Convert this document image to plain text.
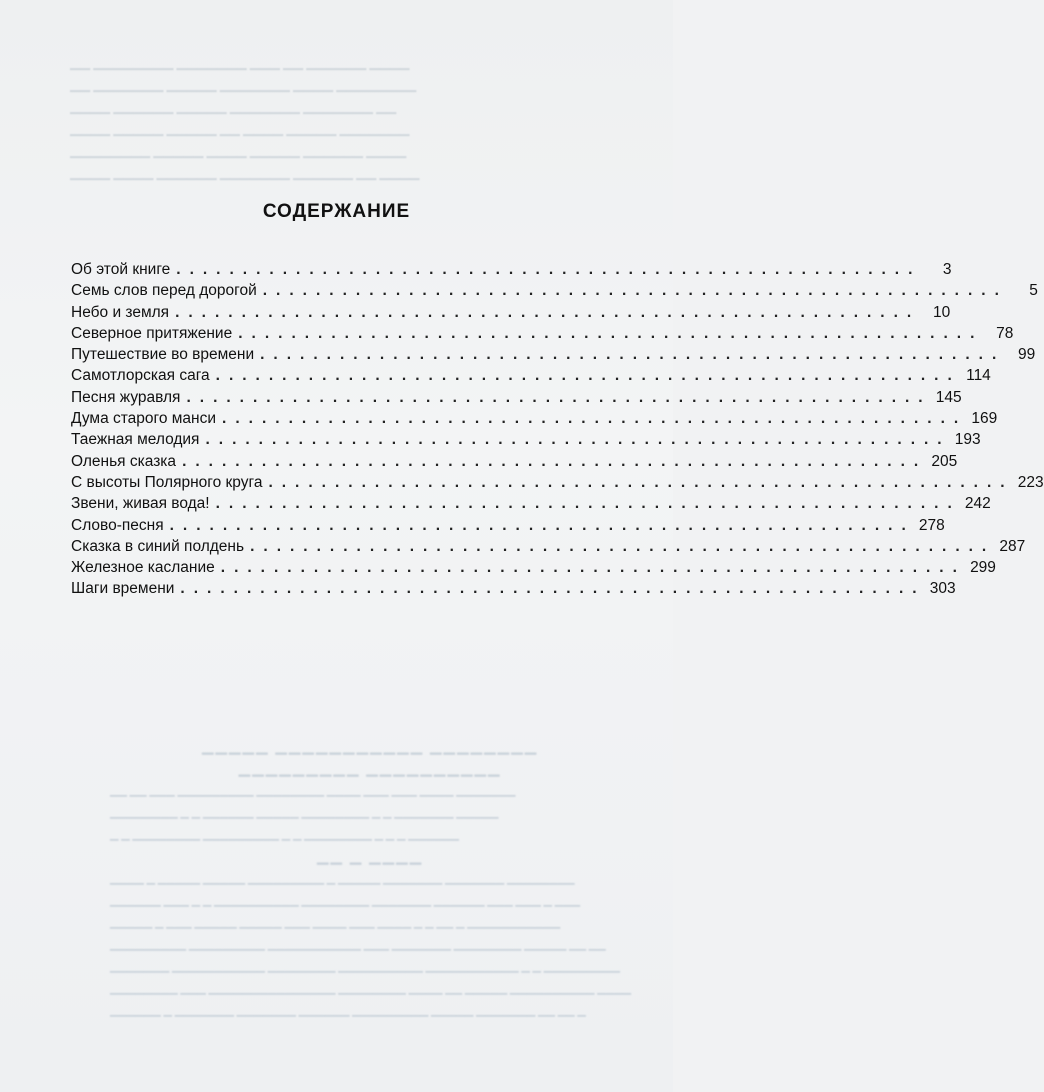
▁▁ ▁▁▁▁▁▁▁▁ ▁▁▁▁▁▁▁ ▁▁▁ ▁▁ ▁▁▁▁▁▁ ▁▁▁▁
▁▁ ▁▁▁▁▁▁▁ ▁▁▁▁▁ ▁▁▁▁▁▁▁ ▁▁▁▁ ▁▁▁▁▁▁▁▁
▁▁▁▁ ▁▁▁▁▁▁ ▁▁▁▁▁ ▁▁▁▁▁▁▁ ▁▁▁▁▁▁▁ ▁▁
▁▁▁▁ ▁▁▁▁▁ ▁▁▁▁▁ ▁▁ ▁▁▁▁ ▁▁▁▁▁ ▁▁▁▁▁▁▁
▁▁▁▁▁▁▁▁ ▁▁▁▁▁ ▁▁▁▁ ▁▁▁▁▁ ▁▁▁▁▁▁ ▁▁▁▁
▁▁▁▁ ▁▁▁▁ ▁▁▁▁▁▁ ▁▁▁▁▁▁▁ ▁▁▁▁▁▁ ▁▁ ▁▁▁▁
СОДЕРЖАНИЕ
Об этой книге ........................................................	3
Семь слов перед дорогой ........................................................	5
Небо и земля ........................................................ 10
Северное притяжение ........................................................ 78
Путешествие во времени ........................................................ 99
Самотлорская сага ........................................................ 114
Песня журавля ........................................................ 145
Дума старого манси ........................................................ 169
Таежная мелодия ........................................................ 193
Оленья сказка ........................................................ 205
С высоты Полярного круга ........................................................ 223
Звени, живая вода! ........................................................ 242
Слово-песня ........................................................ 278
Сказка в синий полдень ........................................................ 287
Железное каслание ........................................................ 299
Шаги времени ........................................................ 303
▁▁▁▁▁ ▁▁▁▁▁▁▁▁▁▁▁ ▁▁▁▁▁▁▁▁
▁▁▁▁▁▁▁▁▁ ▁▁▁▁▁▁▁▁▁▁
▁▁ ▁▁ ▁▁▁ ▁▁▁▁▁▁▁▁▁ ▁▁▁▁▁▁▁▁ ▁▁▁▁ ▁▁▁ ▁▁▁ ▁▁▁▁ ▁▁▁▁▁▁▁
▁▁▁▁▁▁▁▁ ▁ ▁ ▁▁▁▁▁▁ ▁▁▁▁▁ ▁▁▁▁▁▁▁▁ ▁ ▁ ▁▁▁▁▁▁▁ ▁▁▁▁▁
▁ ▁ ▁▁▁▁▁▁▁▁ ▁▁▁▁▁▁▁▁▁ ▁ ▁ ▁▁▁▁▁▁▁▁ ▁ ▁ ▁ ▁▁▁▁▁▁
▁▁ ▁ ▁▁▁▁
▁▁▁▁ ▁ ▁▁▁▁▁ ▁▁▁▁▁ ▁▁▁▁▁▁▁▁▁ ▁ ▁▁▁▁▁ ▁▁▁▁▁▁▁ ▁▁▁▁▁▁▁ ▁▁▁▁▁▁▁▁
▁▁▁▁▁▁ ▁▁▁ ▁ ▁ ▁▁▁▁▁▁▁▁▁▁ ▁▁▁▁▁▁▁▁ ▁▁▁▁▁▁▁ ▁▁▁▁▁▁ ▁▁▁ ▁▁▁ ▁ ▁▁▁
▁▁▁▁▁ ▁ ▁▁▁ ▁▁▁▁▁ ▁▁▁▁▁ ▁▁▁ ▁▁▁▁ ▁▁▁ ▁▁▁▁ ▁ ▁ ▁▁ ▁ ▁▁▁▁▁▁▁▁▁▁▁
▁▁▁▁▁▁▁▁▁ ▁▁▁▁▁▁▁▁▁ ▁▁▁▁▁▁▁▁▁▁▁ ▁▁▁ ▁▁▁▁▁▁▁ ▁▁▁▁▁▁▁▁ ▁▁▁▁▁ ▁▁ ▁▁
▁▁▁▁▁▁▁ ▁▁▁▁▁▁▁▁▁▁▁ ▁▁▁▁▁▁▁▁ ▁▁▁▁▁▁▁▁▁▁ ▁▁▁▁▁▁▁▁▁▁▁ ▁ ▁ ▁▁▁▁▁▁▁▁▁
▁▁▁▁▁▁▁▁ ▁▁▁ ▁▁▁▁▁▁▁▁▁▁▁▁▁▁▁ ▁▁▁▁▁▁▁▁ ▁▁▁▁ ▁▁ ▁▁▁▁▁ ▁▁▁▁▁▁▁▁▁▁ ▁▁▁▁
▁▁▁▁▁▁ ▁ ▁▁▁▁▁▁▁ ▁▁▁▁▁▁▁ ▁▁▁▁▁▁ ▁▁▁▁▁▁▁▁▁ ▁▁▁▁▁ ▁▁▁▁▁▁▁ ▁▁ ▁▁ ▁
